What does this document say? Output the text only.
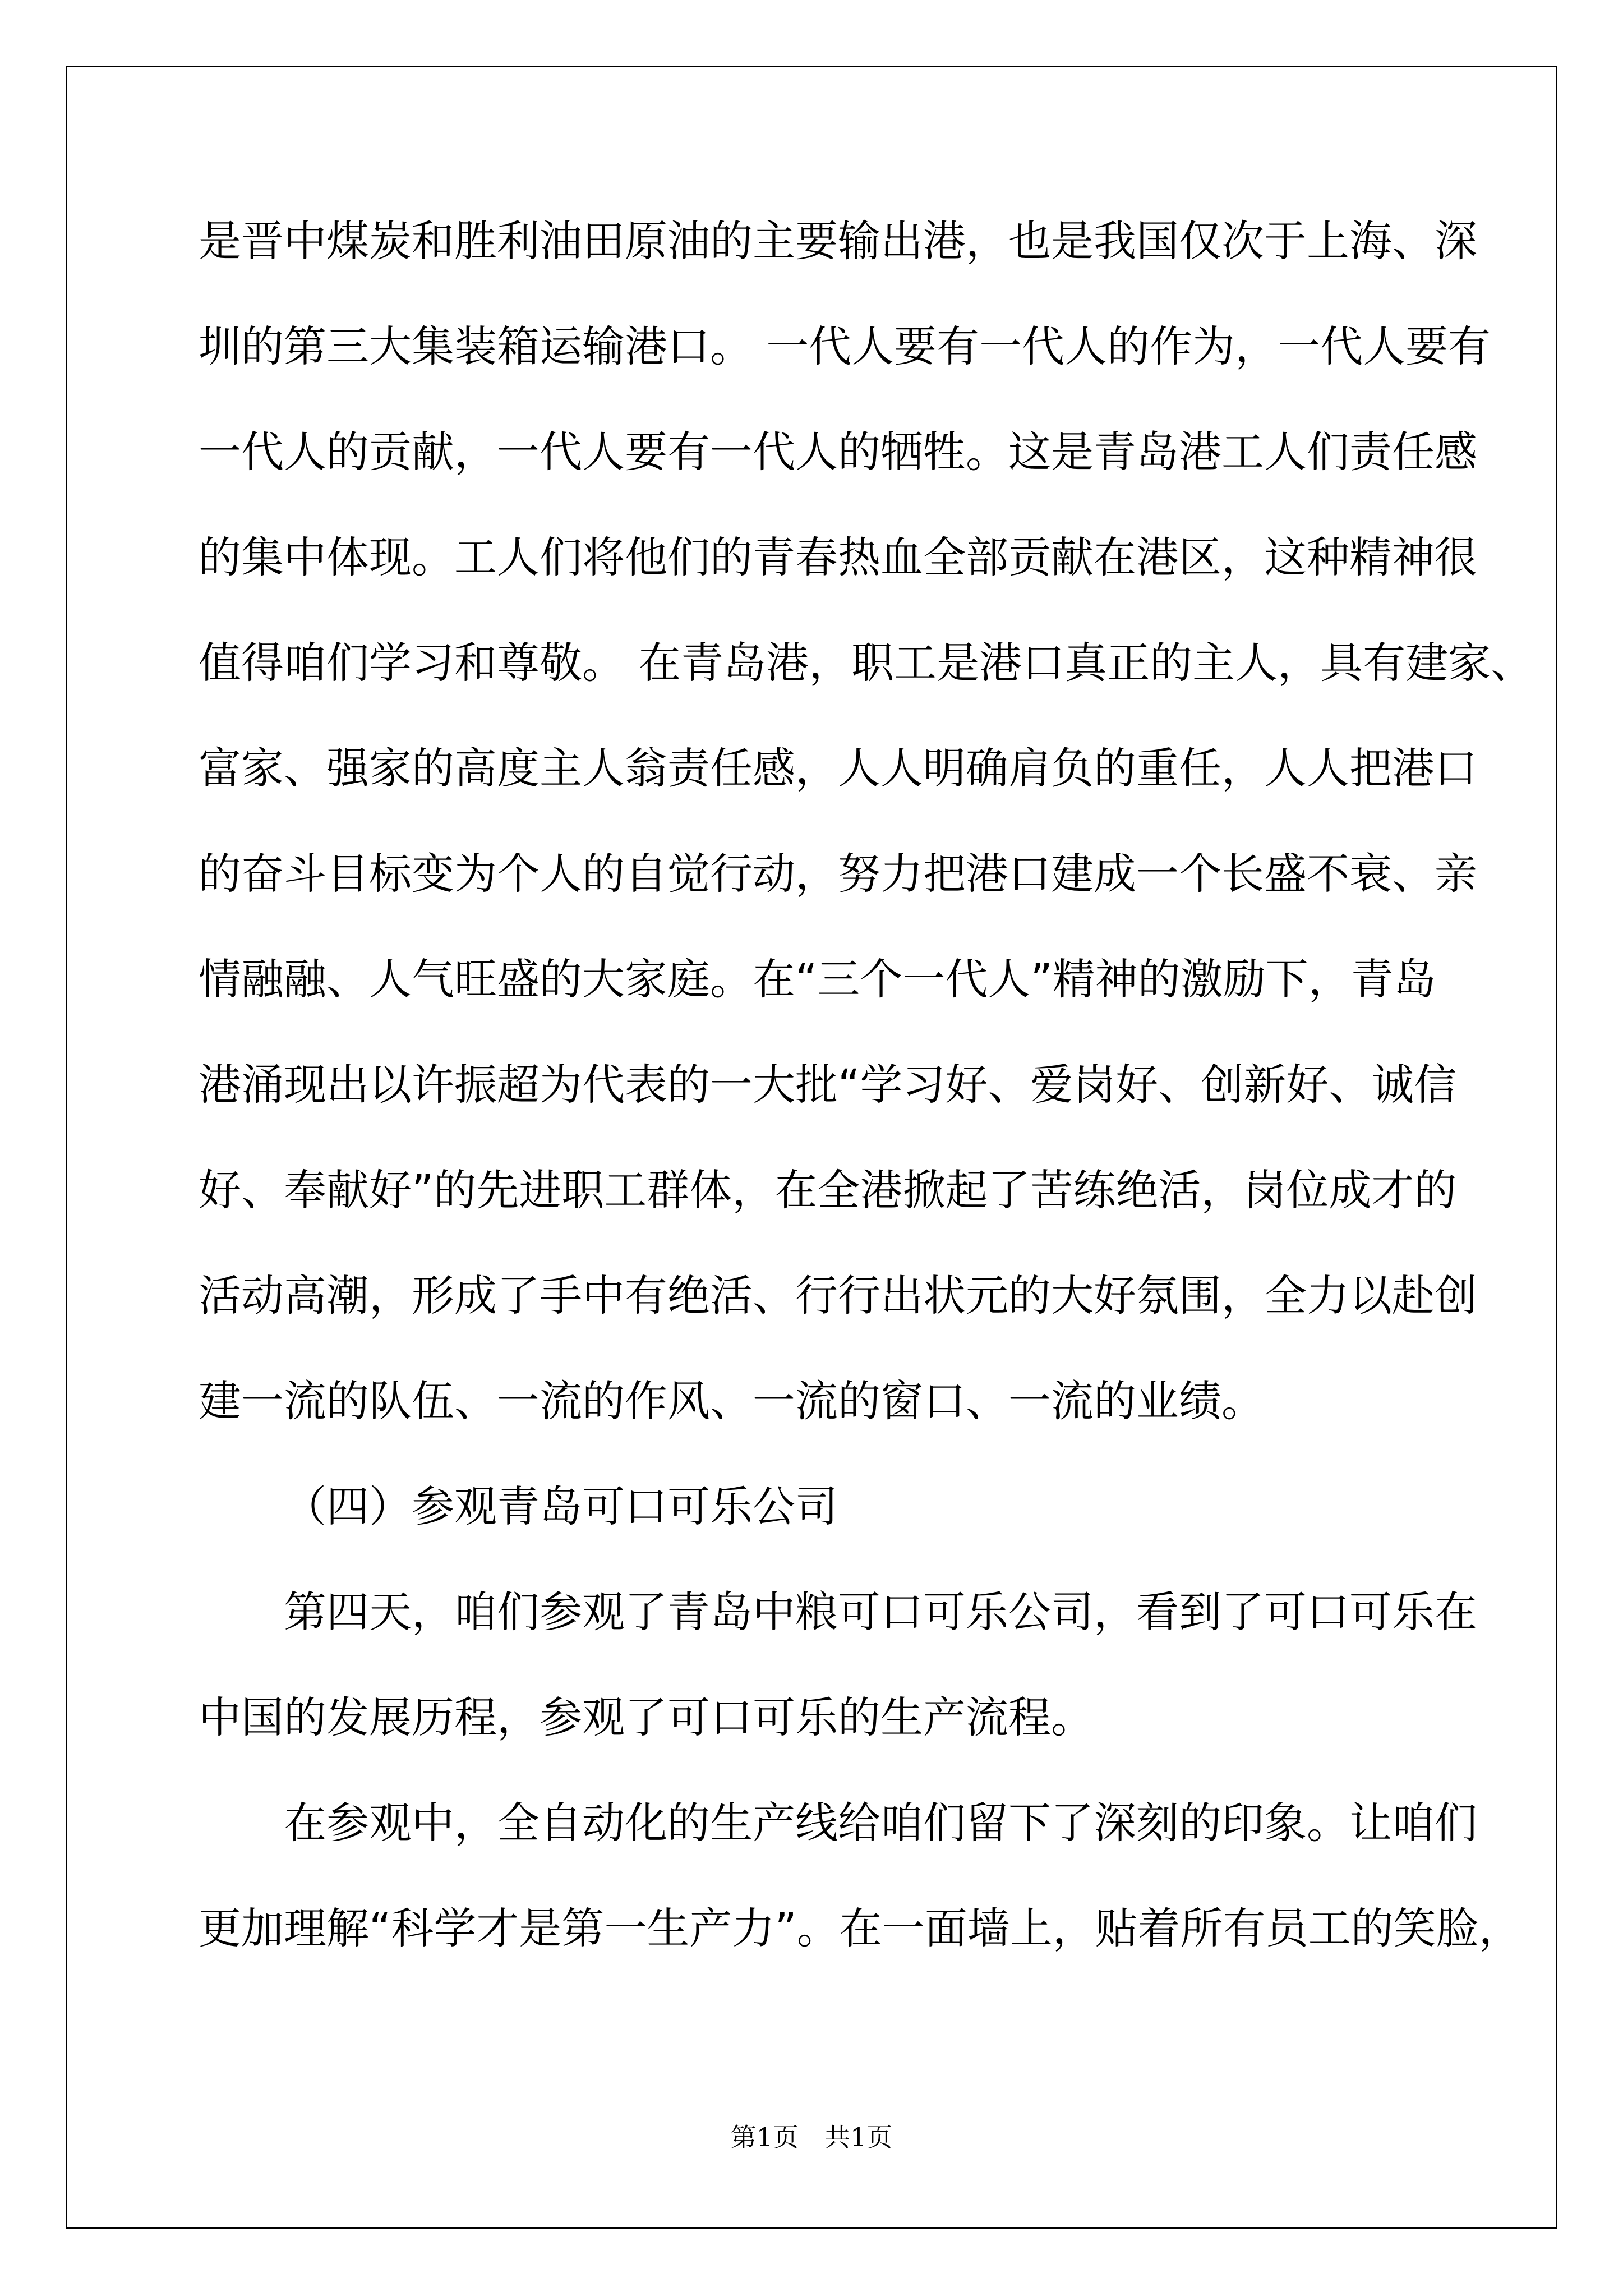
是晋中煤炭和胜利油田原油的主要输出港，也是我国仅次于上海、深
圳的第三大集装箱运输港口。 一代人要有一代人的作为，一代人要有
一代人的贡献，一代人要有一代人的牺牲。这是青岛港工人们责任感
的集中体现。工人们将他们的青春热血全部贡献在港区，这种精神很
值得咱们学习和尊敬。 在青岛港，职工是港口真正的主人，具有建家、
富家、强家的高度主人翁责任感，人人明确肩负的重任，人人把港口
的奋斗目标变为个人的自觉行动，努力把港口建成一个长盛不衰、亲
情融融、人气旺盛的大家庭。在“三个一代人”精神的激励下，青岛
港涌现出以许振超为代表的一大批“学习好、爱岗好、创新好、诚信
好、奉献好”的先进职工群体，在全港掀起了苦练绝活，岗位成才的
活动高潮，形成了手中有绝活、行行出状元的大好氛围，全力以赴创
建一流的队伍、一流的作风、一流的窗口、一流的业绩。
（四）参观青岛可口可乐公司
第四天，咱们参观了青岛中粮可口可乐公司，看到了可口可乐在
中国的发展历程，参观了可口可乐的生产流程。
在参观中，全自动化的生产线给咱们留下了深刻的印象。让咱们
更加理解“科学才是第一生产力”。在一面墙上，贴着所有员工的笑脸，
第1页 共1页
